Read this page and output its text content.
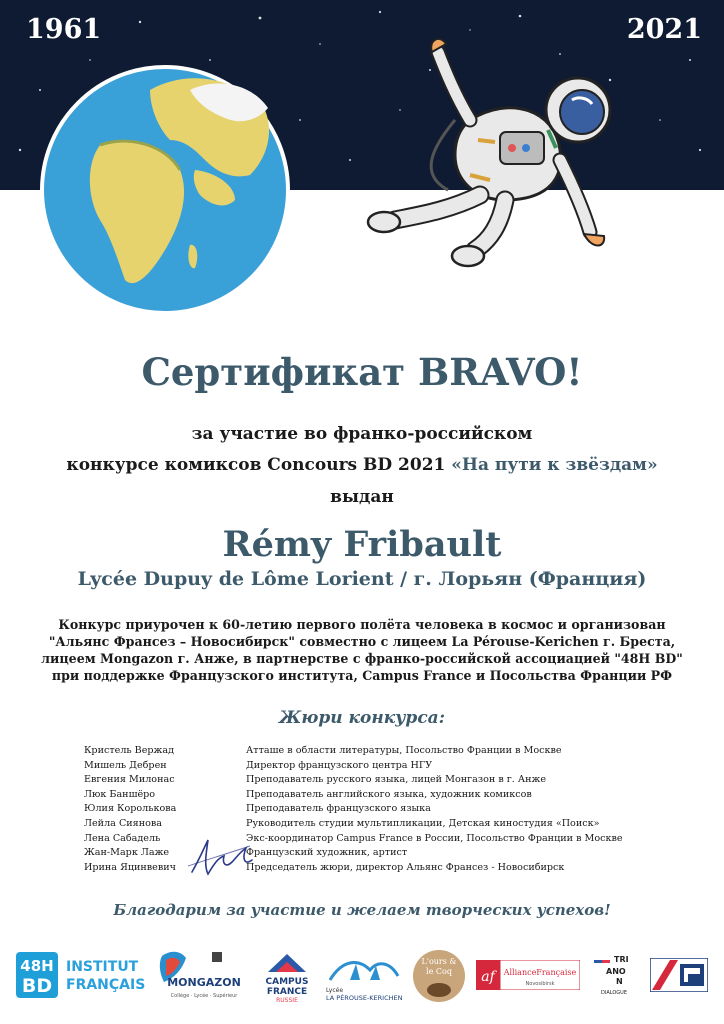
1961	2021
Сертификат BRAVO!
за участие во франко-российском
конкурсе комиксов Concours BD 2021 «На пути к звёздам»
выдан
Rémy Fribault
Lycée Dupuy de Lôme Lorient / г. Лорьян (Франция)
Конкурс приурочен к 60-летию первого полёта человека в космос и организован "Альянс Франсез – Новосибирск" совместно с лицеем La Pérouse-Kerichen г. Бреста, лицеем Mongazon г. Анже, в партнерстве с франко-российской ассоциацией "48H BD" при поддержке Французского института, Campus France и Посольства Франции РФ
Жюри конкурса:
Кристель Вержад	Атташе в области литературы, Посольство Франции в Москве
Мишель Дебрен	Директор французского центра НГУ
Евгения Милонас	Преподаватель русского языка, лицей Монгазон в г. Анже
Люк Баншёро	Преподаватель английского языка, художник комиксов
Юлия Королькова	Преподаватель французского языка
Лейла Сиянова	Руководитель студии мультипликации, Детская киностудия «Поиск»
Лена Сабадель	Экс-координатор Campus France в России, Посольство Франции в Москве
Жан-Марк Лаже	Французский художник, артист
Ирина Яцинвевич	Председатель жюри, директор Альянс Франсез - Новосибирск
Благодарим за участие и желаем творческих успехов!
48H
BD
INSTITUT
FRANÇAIS MONGAZON
Collège · Lycée · Supérieur
CAMPUS
FRANCE
RUSSIE
Lycée
LA PÉROUSE-KERICHEN
L'ours &
le Coq af	AllianceFrançaise
Novosibirsk
TRI
ANO
N
DIALOGUE
